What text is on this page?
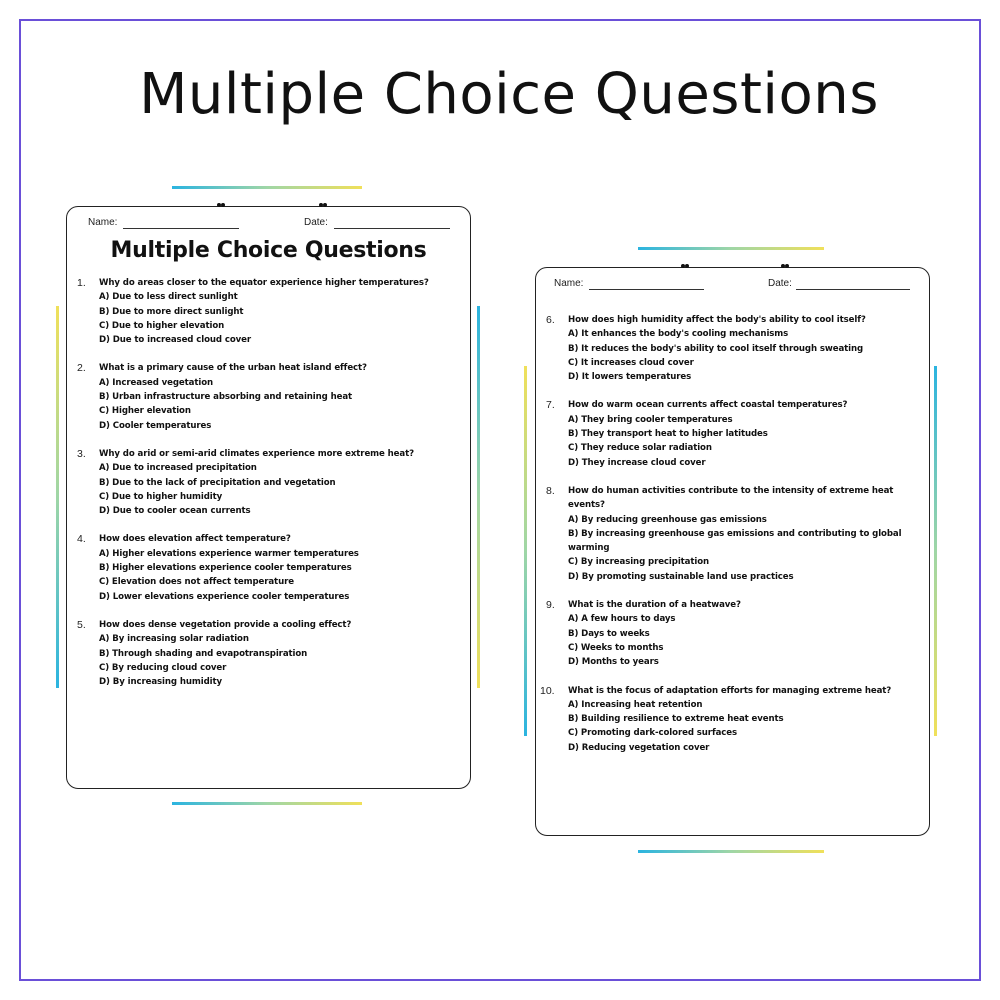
Multiple Choice Questions
Name:	Date:
Multiple Choice Questions
1. Why do areas closer to the equator experience higher temperatures?
A) Due to less direct sunlight
B) Due to more direct sunlight
C) Due to higher elevation
D) Due to increased cloud cover
2. What is a primary cause of the urban heat island effect?
A) Increased vegetation
B) Urban infrastructure absorbing and retaining heat
C) Higher elevation
D) Cooler temperatures
3. Why do arid or semi-arid climates experience more extreme heat?
A) Due to increased precipitation
B) Due to the lack of precipitation and vegetation
C) Due to higher humidity
D) Due to cooler ocean currents
4. How does elevation affect temperature?
A) Higher elevations experience warmer temperatures
B) Higher elevations experience cooler temperatures
C) Elevation does not affect temperature
D) Lower elevations experience cooler temperatures
5. How does dense vegetation provide a cooling effect?
A) By increasing solar radiation
B) Through shading and evapotranspiration
C) By reducing cloud cover
D) By increasing humidity
Name:	Date:
6. How does high humidity affect the body's ability to cool itself?
A) It enhances the body's cooling mechanisms
B) It reduces the body's ability to cool itself through sweating
C) It increases cloud cover
D) It lowers temperatures
7. How do warm ocean currents affect coastal temperatures?
A) They bring cooler temperatures
B) They transport heat to higher latitudes
C) They reduce solar radiation
D) They increase cloud cover
8. How do human activities contribute to the intensity of extreme heat events?
A) By reducing greenhouse gas emissions
B) By increasing greenhouse gas emissions and contributing to global warming
C) By increasing precipitation
D) By promoting sustainable land use practices
9. What is the duration of a heatwave?
A) A few hours to days
B) Days to weeks
C) Weeks to months
D) Months to years
10. What is the focus of adaptation efforts for managing extreme heat?
A) Increasing heat retention
B) Building resilience to extreme heat events
C) Promoting dark-colored surfaces
D) Reducing vegetation cover
